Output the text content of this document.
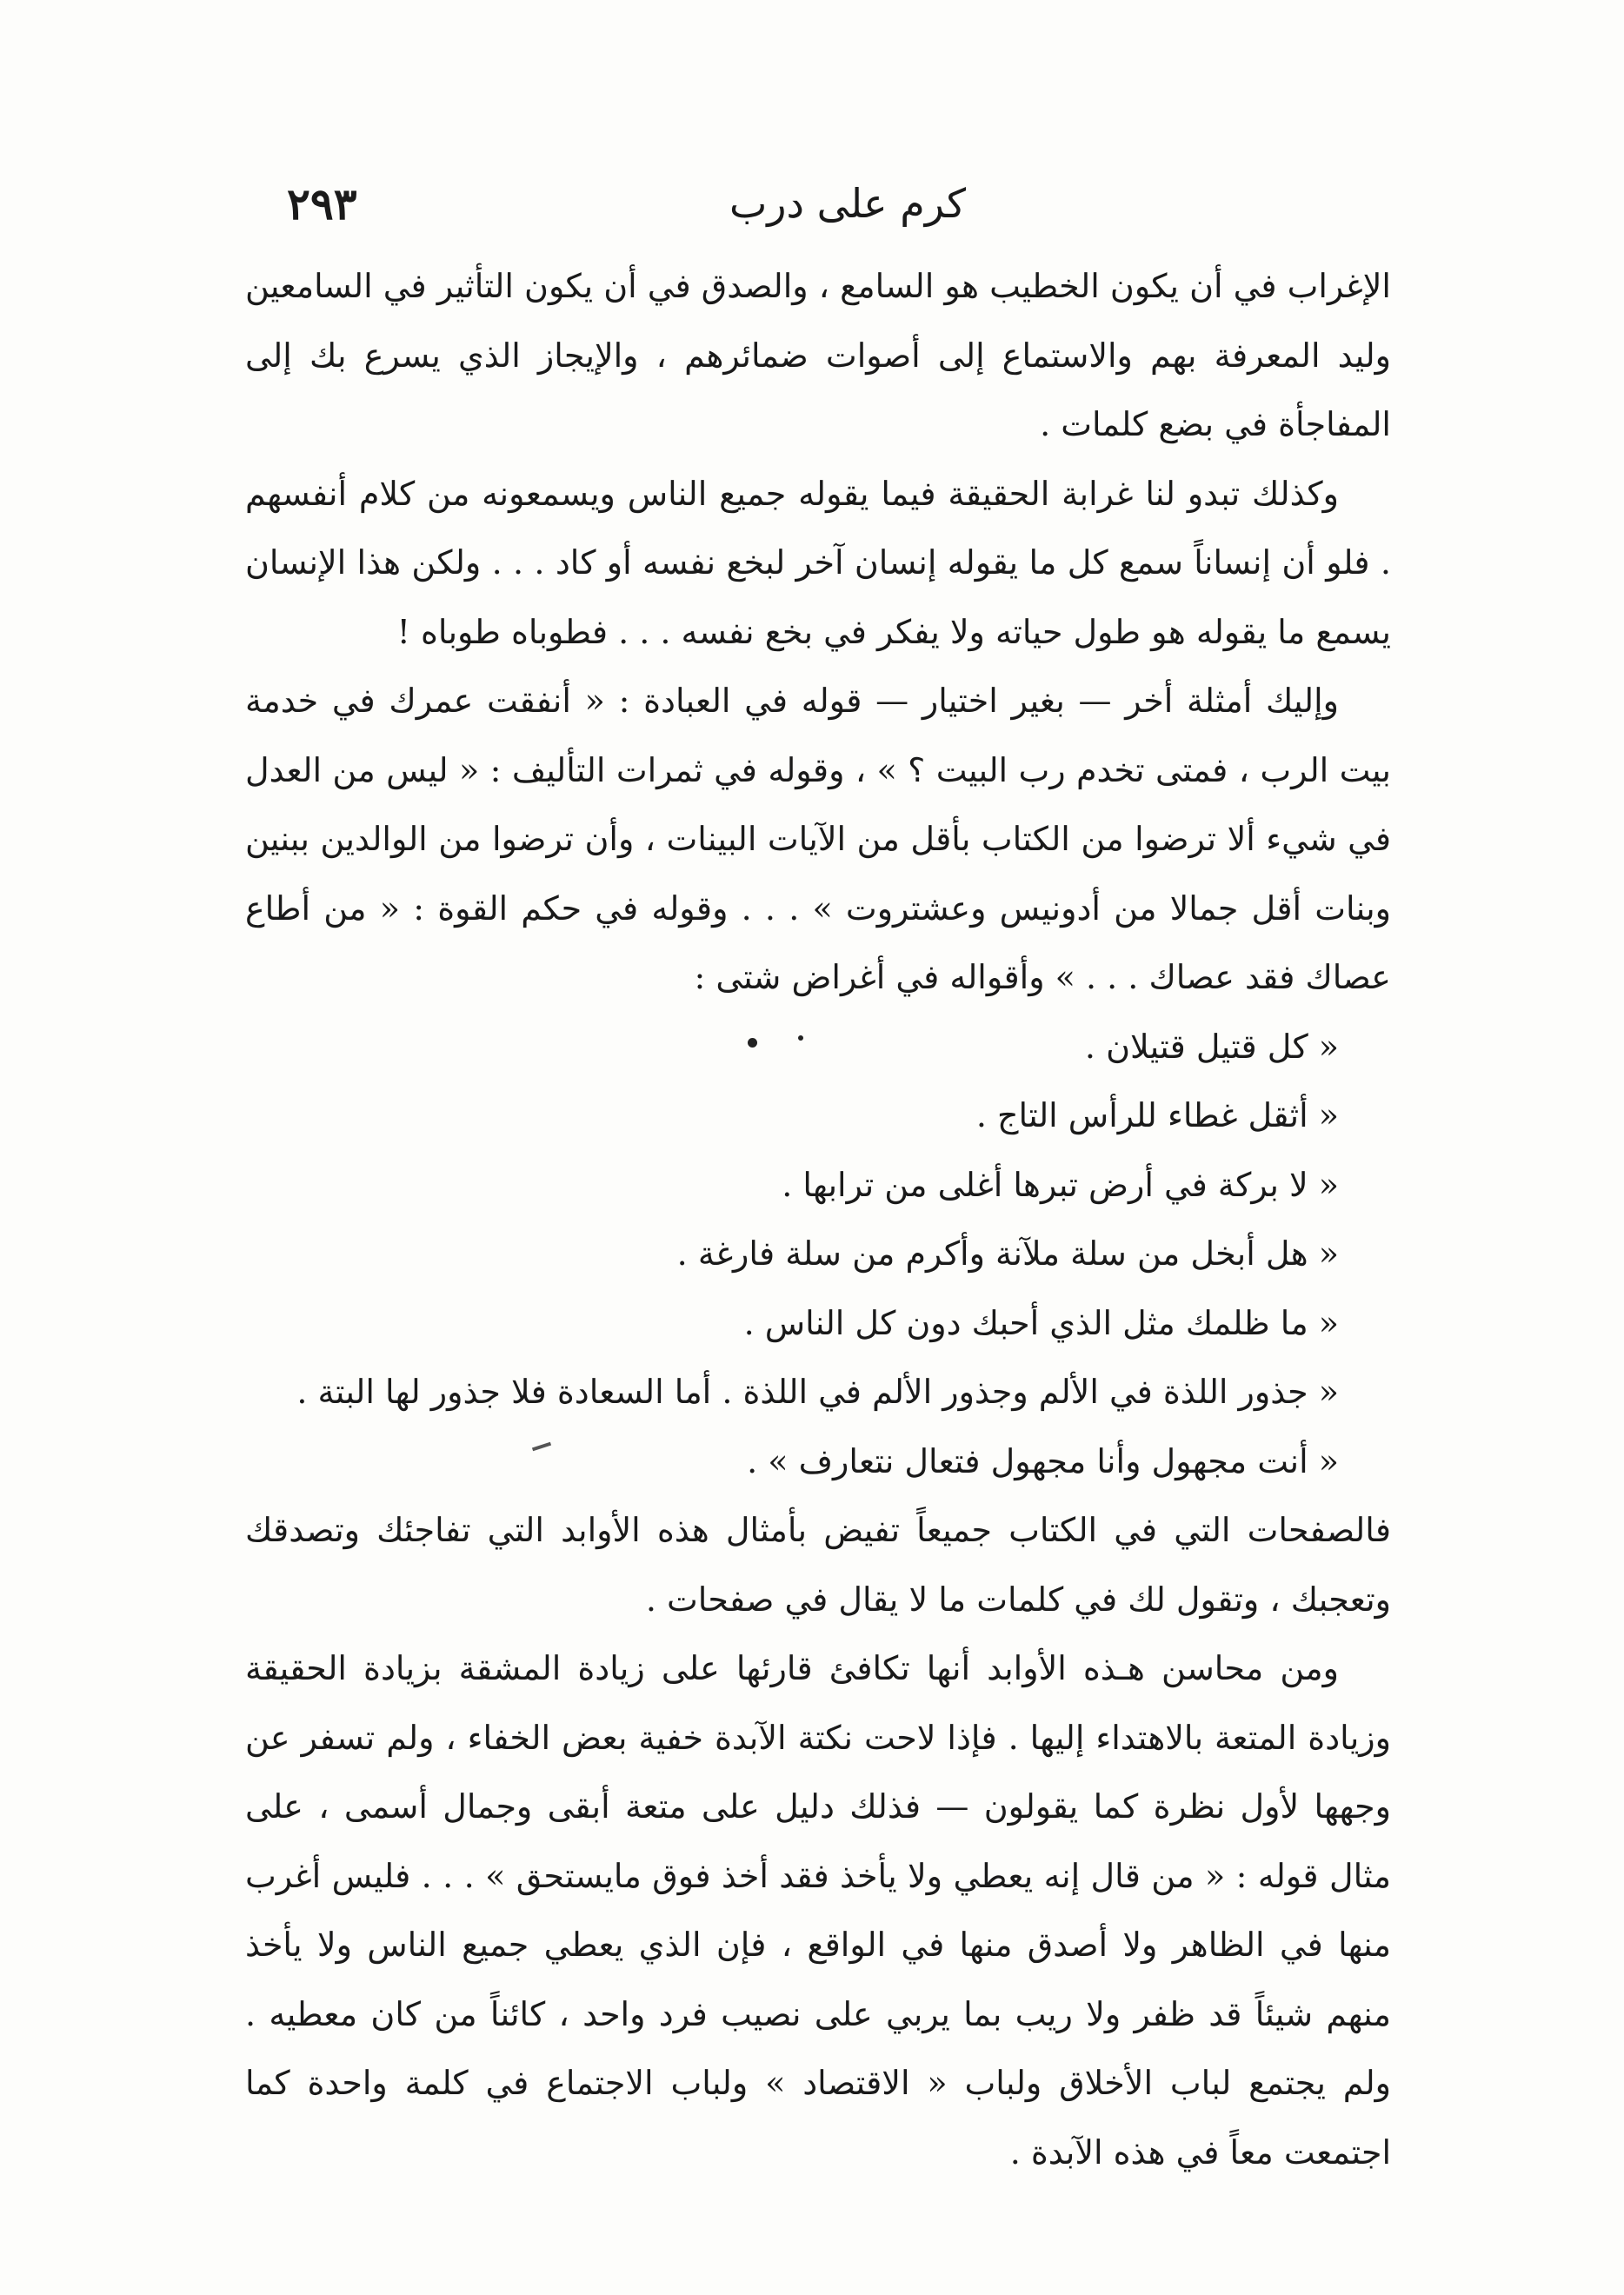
٢٩٣	كرم على درب

الإغراب في أن يكون الخطيب هو السامع ، والصدق في أن يكون التأثير في السامعين وليد المعرفة بهم والاستماع إلى أصوات ضمائرهم ، والإيجاز الذي يسرع بك إلى المفاجأة في بضع كلمات .

وكذلك تبدو لنا غرابة الحقيقة فيما يقوله جميع الناس ويسمعونه من كلام أنفسهم . فلو أن إنساناً سمع كل ما يقوله إنسان آخر لبخع نفسه أو كاد . . . ولكن هذا الإنسان يسمع ما يقوله هو طول حياته ولا يفكر في بخع نفسه . . . فطوباه طوباه !

وإليك أمثلة أخر — بغير اختيار — قوله في العبادة : « أنفقت عمرك في خدمة بيت الرب ، فمتى تخدم رب البيت ؟ » ، وقوله في ثمرات التأليف : « ليس من العدل في شيء ألا ترضوا من الكتاب بأقل من الآيات البينات ، وأن ترضوا من الوالدين ببنين وبنات أقل جمالا من أدونيس وعشتروت » . . . وقوله في حكم القوة : « من أطاع عصاك فقد عصاك . . . » وأقواله في أغراض شتى :

« كل قتيل قتيلان .

« أثقل غطاء للرأس التاج .

« لا بركة في أرض تبرها أغلى من ترابها .

« هل أبخل من سلة ملآنة وأكرم من سلة فارغة .

« ما ظلمك مثل الذي أحبك دون كل الناس .

« جذور اللذة في الألم وجذور الألم في اللذة . أما السعادة فلا جذور لها البتة .

« أنت مجهول وأنا مجهول فتعال نتعارف » .

فالصفحات التي في الكتاب جميعاً تفيض بأمثال هذه الأوابد التي تفاجئك وتصدقك وتعجبك ، وتقول لك في كلمات ما لا يقال في صفحات .

ومن محاسن هـذه الأوابد أنها تكافئ قارئها على زيادة المشقة بزيادة الحقيقة وزيادة المتعة بالاهتداء إليها . فإذا لاحت نكتة الآبدة خفية بعض الخفاء ، ولم تسفر عن وجهها لأول نظرة كما يقولون — فذلك دليل على متعة أبقى وجمال أسمى ، على مثال قوله : « من قال إنه يعطي ولا يأخذ فقد أخذ فوق مايستحق » . . . فليس أغرب منها في الظاهر ولا أصدق منها في الواقع ، فإن الذي يعطي جميع الناس ولا يأخذ منهم شيئاً قد ظفر ولا ريب بما يربي على نصيب فرد واحد ، كائناً من كان معطيه . ولم يجتمع لباب الأخلاق ولباب « الاقتصاد » ولباب الاجتماع في كلمة واحدة كما اجتمعت معاً في هذه الآبدة .
